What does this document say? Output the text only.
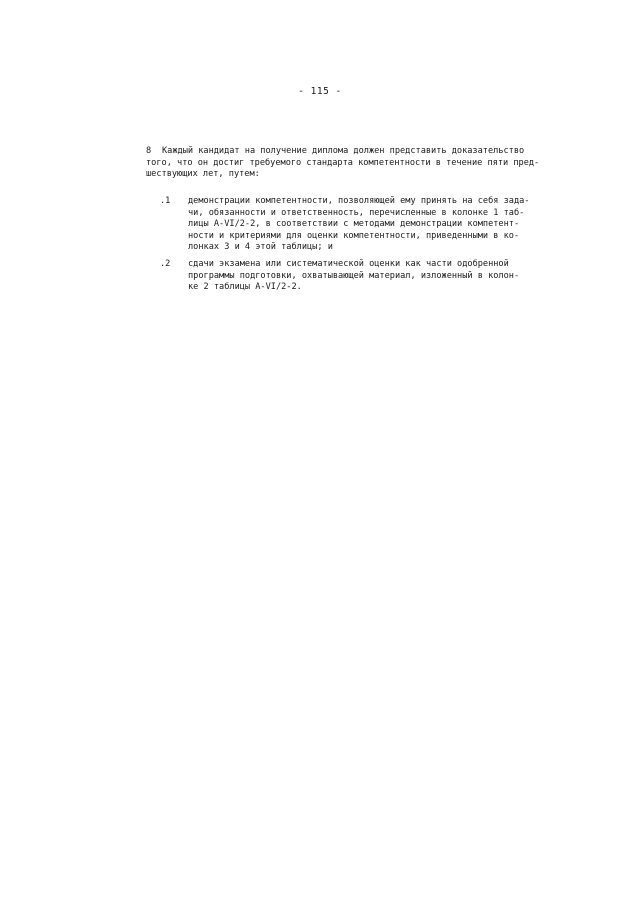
- 115 -
8 Каждый кандидат на получение диплома должен представить доказательство
того, что он достиг требуемого стандарта компетентности в течение пяти пред-
шествующих лет, путем:
.1 демонстрации компетентности, позволяющей ему принять на себя зада-
чи, обязанности и ответственность, перечисленные в колонке 1 таб-
лицы A-VI/2-2, в соответствии с методами демонстрации компетент-
ности и критериями для оценки компетентности, приведенными в ко-
лонках 3 и 4 этой таблицы; и
.2 сдачи экзамена или систематической оценки как части одобренной
программы подготовки, охватывающей материал, изложенный в колон-
ке 2 таблицы A-VI/2-2.
